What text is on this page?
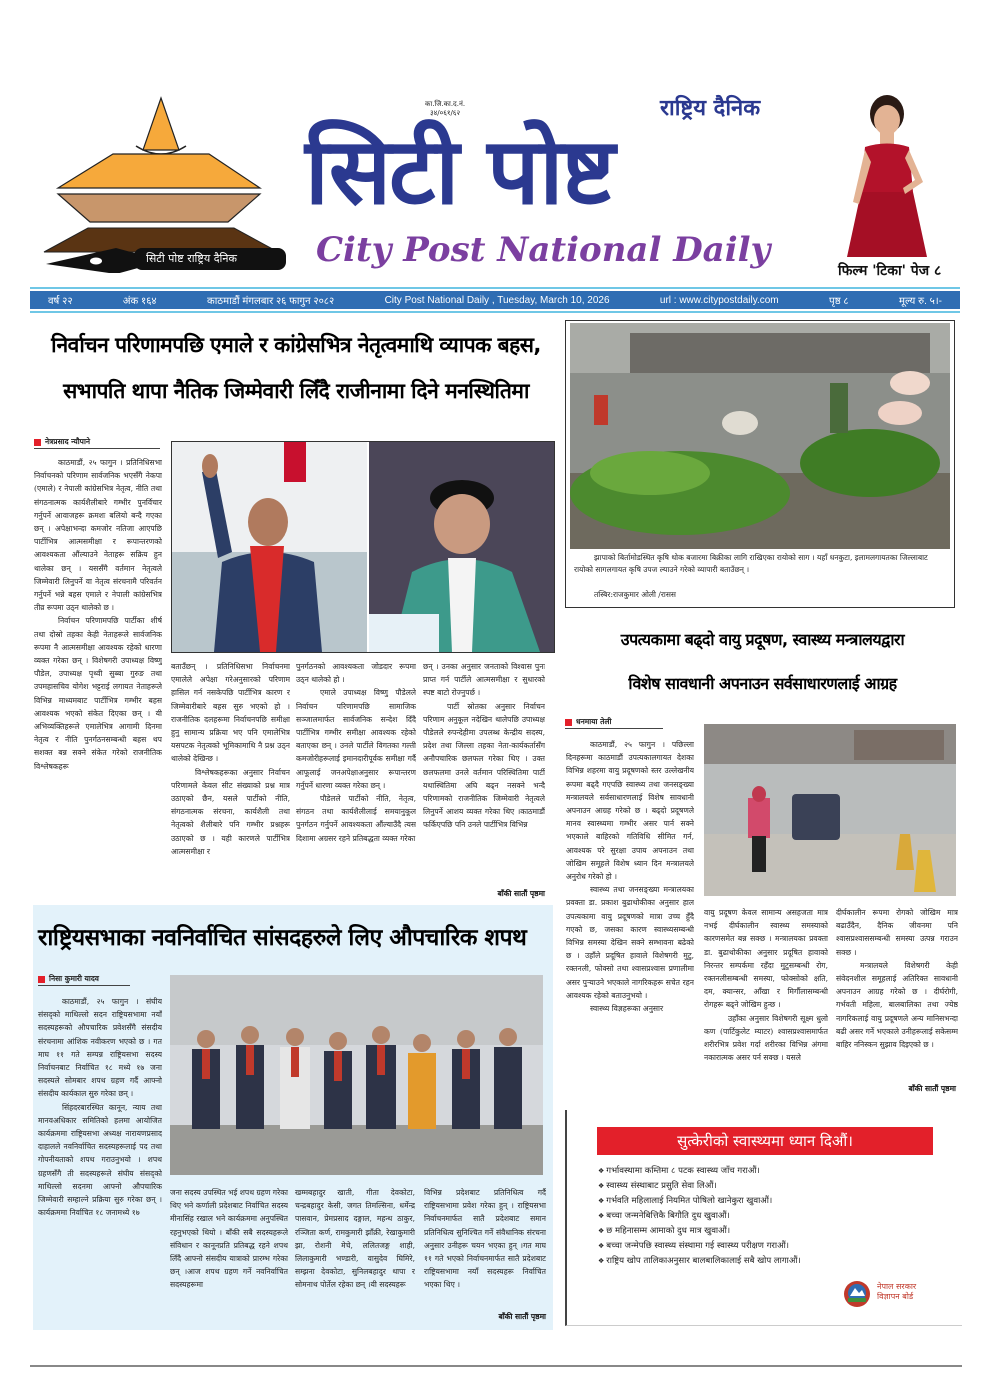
सिटी पोष्ट राष्ट्रिय दैनिक
सिटी पोष्ट
का.जि.का.द.नं.
३४/०६१/६२	राष्ट्रिय दैनिक
City Post National Daily
फिल्म 'टिका' पेज ८
वर्ष २२	अंक १६४	काठमाडौं मंगलबार २६ फागुन २०८२	City Post National Daily , Tuesday, March 10, 2026	url : www.citypostdaily.com	पृष्ठ ८	मूल्य रु. ५।-
निर्वाचन परिणामपछि एमाले र कांग्रेसभित्र नेतृत्वमाथि व्यापक बहस,
सभापति थापा नैतिक जिम्मेवारी लिँदै राजीनामा दिने मनस्थितिमा
नेत्रप्रसाद न्यौपाने

काठमाडौं, २५ फागुन । प्रतिनिधिसभा निर्वाचनको परिणाम सार्वजनिक भएसँगै नेकपा (एमाले) र नेपाली कांग्रेसभित्र नेतृत्व, नीति तथा संगठनात्मक कार्यशैलीबारे गम्भीर पुनर्विचार गर्नुपर्ने आवाजहरू क्रमशः बलियो बन्दै गएका छन् । अपेक्षाभन्दा कमजोर नतिजा आएपछि पार्टीभित्र आत्मसमीक्षा र रूपान्तरणको आवश्यकता औंल्याउने नेताहरू सक्रिय हुन थालेका छन् । यससँगै वर्तमान नेतृत्वले जिम्मेवारी लिनुपर्ने वा नेतृत्व संरचनामै परिवर्तन गर्नुपर्ने भन्ने बहस एमाले र नेपाली कांग्रेसभित्र तीव्र रूपमा उठ्न थालेको छ ।

निर्वाचन परिणामपछि पार्टीका शीर्ष तथा दोस्रो तहका केही नेताहरूले सार्वजनिक रूपमा नै आत्मसमीक्षा आवश्यक रहेको धारणा व्यक्त गरेका छन् । विशेषगरी उपाध्यक्ष विष्णु पौडेल, उपाध्यक्ष पृथ्वी सुब्बा गुरुङ तथा उपमहासचिव योगेश भट्टराई लगायत नेताहरूले विभिन्न माध्यमबाट पार्टीभित्र गम्भीर बहस आवश्यक भएको संकेत दिएका छन् । यी अभिव्यक्तिहरूले एमालेभित्र आगामी दिनमा नेतृत्व र नीति पुनर्गठनसम्बन्धी बहस थप सशक्त बन्न सक्ने संकेत गरेको राजनीतिक विश्लेषकहरू

बताउँछन् । प्रतिनिधिसभा निर्वाचनमा एमालेले अपेक्षा गरेअनुसारको परिणाम हासिल गर्न नसकेपछि पार्टीभित्र कारण र जिम्मेवारीबारे बहस सुरु भएको हो । राजनीतिक दलहरूमा निर्वाचनपछि समीक्षा हुनु सामान्य प्रक्रिया भए पनि एमालेभित्र यसपटक नेतृत्वको भूमिकामाथि नै प्रश्न उठ्न थालेको देखिन्छ ।

विश्लेषकहरूका अनुसार निर्वाचन परिणामले केवल सीट संख्याको प्रश्न मात्र उठाएको छैन, यसले पार्टीको नीति, संगठनात्मक संरचना, कार्यशैली तथा नेतृत्वको शैलीबारे पनि गम्भीर प्रश्नहरू उठाएको छ । यही कारणले पार्टीभित्र आत्मसमीक्षा र

पुनर्गठनको आवश्यकता जोडदार रूपमा उठ्न थालेको हो ।

एमाले उपाध्यक्ष विष्णु पौडेलले निर्वाचन परिणामपछि सामाजिक सञ्जालमार्फत सार्वजनिक सन्देश दिँदै पार्टीभित्र गम्भीर समीक्षा आवश्यक रहेको बताएका छन् । उनले पार्टीले विगतका गल्ती कमजोरीहरूलाई इमानदारीपूर्वक समीक्षा गर्दै आफूलाई जनअपेक्षाअनुसार रूपान्तरण गर्नुपर्ने धारणा व्यक्त गरेका छन् ।

पौडेलले पार्टीको नीति, नेतृत्व, संगठन तथा कार्यशैलीलाई समयानुकूल पुनर्गठन गर्नुपर्ने आवश्यकता औंल्याउँदै त्यस दिशामा अग्रसर रहने प्रतिबद्धता व्यक्त गरेका

छन् । उनका अनुसार जनताको विश्वास पुनः प्राप्त गर्न पार्टीले आत्मसमीक्षा र सुधारको स्पष्ट बाटो रोज्नुपर्छ ।

पार्टी स्रोतका अनुसार निर्वाचन परिणाम अनुकूल नदेखिन थालेपछि उपाध्यक्ष पौडेलले रुपन्देहीमा उपलब्ध केन्द्रीय सदस्य, प्रदेश तथा जिल्ला तहका नेता-कार्यकर्तासँग अनौपचारिक छलफल गरेका थिए । उक्त छलफलमा उनले वर्तमान परिस्थितिमा पार्टी यथास्थितिमा अघि बढ्न नसक्ने भन्दै परिणामको राजनीतिक जिम्मेवारी नेतृत्वले लिनुपर्ने आशय व्यक्त गरेका थिए ।काठमाडौं फर्किएपछि पनि उनले पार्टीभित्र विभिन्न

बाँकी सातौं पृष्ठमा
झापाको बिर्तामोडस्थित कृषि थोक बजारमा बिक्रीका लागि राखिएका रायोको साग । यहाँ धनकुटा, इलामलगायतका जिल्लाबाट रायोको सागलगायत कृषि उपज ल्याउने गरेको व्यापारी बताउँछन् ।
तस्बिर:राजकुमार ओली /रासस
उपत्यकामा बढ्दो वायु प्रदूषण, स्वास्थ्य मन्त्रालयद्वारा
विशेष सावधानी अपनाउन सर्वसाधारणलाई आग्रह
धनमाया तेली

काठमाडौं, २५ फागुन । पछिल्ला दिनहरूमा काठमाडौं उपत्यकालगायत देशका विभिन्न शहरमा वायु प्रदूषणको स्तर उल्लेखनीय रूपमा बढ्दै गएपछि स्वास्थ्य तथा जनसङ्ख्या मन्त्रालयले सर्वसाधारणलाई विशेष सावधानी अपनाउन आग्रह गरेको छ । बढ्दो प्रदूषणले मानव स्वास्थ्यमा गम्भीर असर पार्न सक्ने भएकाले बाहिरको गतिविधि सीमित गर्न, आवश्यक परे सुरक्षा उपाय अपनाउन तथा जोखिम समूहले विशेष ध्यान दिन मन्त्रालयले अनुरोध गरेको हो ।

स्वास्थ्य तथा जनसङ्ख्या मन्त्रालयका प्रवक्ता डा. प्रकाश बुढाथोकीका अनुसार हाल उपत्यकामा वायु प्रदूषणको मात्रा उच्च हुँदै गएको छ, जसका कारण स्वास्थ्यसम्बन्धी विभिन्न समस्या देखिन सक्ने सम्भावना बढेको छ । उहाँले प्रदूषित हावाले विशेषगरी मुटु, रक्तनली, फोक्सो तथा श्वासप्रश्वास प्रणालीमा असर पुर्‍याउने भएकाले नागरिकहरू सचेत रहन आवश्यक रहेको बताउनुभयो ।

स्वास्थ्य विज्ञहरूका अनुसार

वायु प्रदूषण केवल सामान्य असहजता मात्र नभई दीर्घकालीन स्वास्थ्य समस्याको कारणसमेत बन्न सक्छ । मन्त्रालयका प्रवक्ता डा. बुढाथोकीका अनुसार प्रदूषित हावाको निरन्तर सम्पर्कमा रहँदा मुटुसम्बन्धी रोग, रक्तनलीसम्बन्धी समस्या, फोक्सोको क्षति, दम, क्यान्सर, आँखा र मिर्गौलासम्बन्धी रोगहरू बढ्ने जोखिम हुन्छ ।

उहाँका अनुसार विशेषगरी सूक्ष्म धुलो कण (पार्टिकुलेट म्याटर) श्वासप्रश्वासमार्फत शरीरभित्र प्रवेश गर्दा शरीरका विभिन्न अंगमा नकारात्मक असर पर्न सक्छ । यसले

दीर्घकालीन रूपमा रोगको जोखिम मात्र बढाउँदैन, दैनिक जीवनमा पनि श्वासप्रश्वाससम्बन्धी समस्या उत्पन्न गराउन सक्छ ।

मन्त्रालयले विशेषगरी केही संवेदनशील समूहलाई अतिरिक्त सावधानी अपनाउन आग्रह गरेको छ । दीर्घरोगी, गर्भवती महिला, बालबालिका तथा ज्येष्ठ नागरिकलाई वायु प्रदूषणले अन्य मानिसभन्दा बढी असर गर्ने भएकाले उनीहरूलाई सकेसम्म बाहिर ननिस्कन सुझाव दिइएको छ ।

बाँकी सातौं पृष्ठमा
राष्ट्रियसभाका नवनिर्वाचित सांसदहरुले लिए औपचारिक शपथ
निसा कुमारी यादव

काठमाडौं, २५ फागुन । संघीय संसद्को माथिल्लो सदन राष्ट्रियसभामा नयाँ सदस्यहरूको औपचारिक प्रवेशसँगै संसदीय संरचनामा आंशिक नवीकरण भएको छ । गत माघ ११ गते सम्पन्न राष्ट्रियसभा सदस्य निर्वाचनबाट निर्वाचित १८ मध्ये १७ जना सदस्यले सोमबार शपथ ग्रहण गर्दै आफ्नो संसदीय कार्यकाल सुरु गरेका छन् ।

सिंहदरबारस्थित कानून, न्याय तथा मानवअधिकार समितिको हलमा आयोजित कार्यक्रममा राष्ट्रियसभा अध्यक्ष नारायणप्रसाद दाहालले नवनिर्वाचित सदस्यहरूलाई पद तथा गोपनीयताको शपथ गराउनुभयो । शपथ ग्रहणसँगै ती सदस्यहरूले संघीय संसद्को माथिल्लो सदनमा आफ्नो औपचारिक जिम्मेवारी सम्हाल्ने प्रक्रिया सुरु गरेका छन् ।कार्यक्रममा निर्वाचित १८ जनामध्ये १७

जना सदस्य उपस्थित भई शपथ ग्रहण गरेका थिए भने कर्णाली प्रदेशबाट निर्वाचित सदस्य मीनासिंह रखाल भने कार्यक्रममा अनुपस्थित रहनुभएको थियो । बाँकी सबै सदस्यहरूले संविधान र कानूनप्रति प्रतिबद्ध रहने शपथ लिँदै आफ्नो संसदीय यात्राको प्रारम्भ गरेका छन् ।आज शपथ ग्रहण गर्ने नवनिर्वाचित सदस्यहरूमा

खम्मबहादुर खाती, गीता देवकोटा, चन्द्रबहादुर केसी, जगत तिमल्सिना, धर्मेन्द्र पासवान, प्रेमप्रसाद दङ्गाल, महन्थ ठाकुर, रञ्जिता कर्ण, रामकुमारी झाँक्री, रेखाकुमारी झा, रोशनी मेचे, ललितजङ्ग शाही, लिलाकुमारी भण्डारी, वासुदेव घिमिरे, सम्झना देवकोटा, सुनिलबहादुर थापा र सोमनाथ पोर्तेल रहेका छन् ।यी सदस्यहरू

विभिन्न प्रदेशबाट प्रतिनिधित्व गर्दै राष्ट्रियसभामा प्रवेश गरेका हुन् । राष्ट्रियसभा निर्वाचनमार्फत सातै प्रदेशबाट समान प्रतिनिधित्व सुनिश्चित गर्ने संवैधानिक संरचना अनुसार उनीहरू चयन भएका हुन् ।गत माघ ११ गते भएको निर्वाचनमार्फत सातै प्रदेशबाट राष्ट्रियसभामा नयाँ सदस्यहरू निर्वाचित भएका थिए ।

बाँकी सातौं पृष्ठमा
सुत्केरीको स्वास्थ्यमा ध्यान दिऔं।
❖ गर्भावस्थामा कम्तिमा ८ पटक स्वास्थ्य जाँच गराऔं।
❖ स्वास्थ्य संस्थाबाट प्रसुति सेवा लिऔं।
❖ गर्भवति महिलालाई नियमित पोषिलो खानेकुरा खुवाऔं।
❖ बच्चा जन्मनेबित्तिकै बिगौति दुध खुवाऔं।
❖ छ महिनासम्म आमाको दुध मात्र खुवाऔं।
❖ बच्चा जन्मेपछि स्वास्थ्य संस्थामा गई स्वास्थ्य परीक्षण गराऔं।
❖ राष्ट्रिय खोप तालिकाअनुसार बालबालिकालाई सबै खोप लागाऔं।
नेपाल सरकार
विज्ञापन बोर्ड
